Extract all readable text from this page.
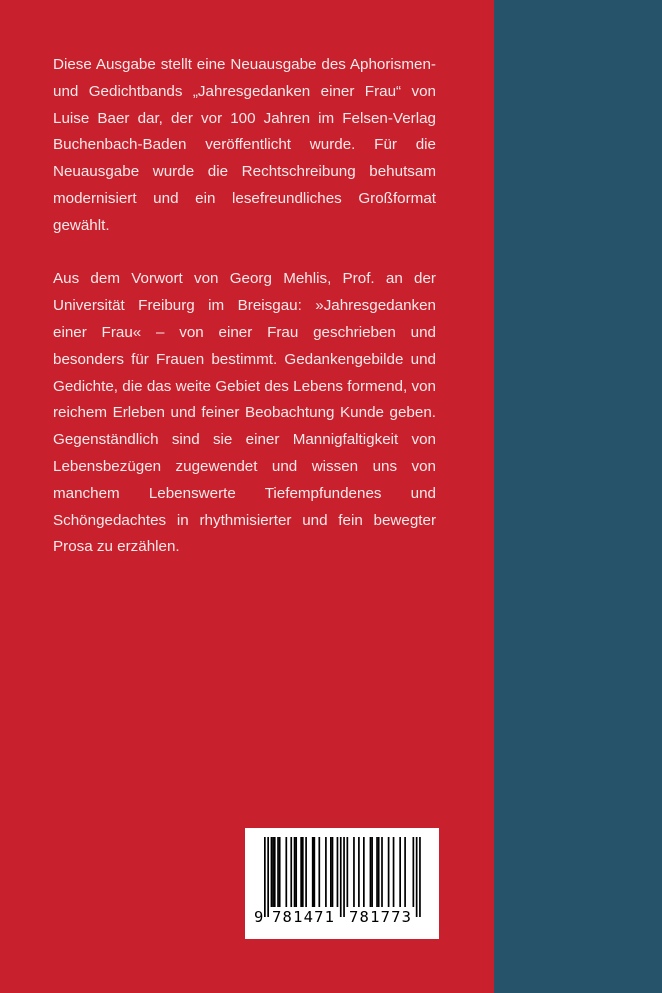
Diese Ausgabe stellt eine Neuausgabe des Aphorismen- und Gedichtbands „Jahresgedanken einer Frau“ von Luise Baer dar, der vor 100 Jahren im Felsen-Verlag Buchenbach-Baden veröffentlicht wurde. Für die Neuausgabe wurde die Rechtschreibung behutsam modernisiert und ein lesefreundliches Großformat gewählt.

Aus dem Vorwort von Georg Mehlis, Prof. an der Universität Freiburg im Breisgau: »Jahresgedanken einer Frau« – von einer Frau geschrieben und besonders für Frauen bestimmt. Gedankengebilde und Gedichte, die das weite Gebiet des Lebens formend, von reichem Erleben und feiner Beobachtung Kunde geben. Gegenständlich sind sie einer Mannigfaltigkeit von Lebensbezügen zugewendet und wissen uns von manchem Lebenswerte Tiefempfundenes und Schöngedachtes in rhythmisierter und fein bewegter Prosa zu erzählen.

9 781471 781773
